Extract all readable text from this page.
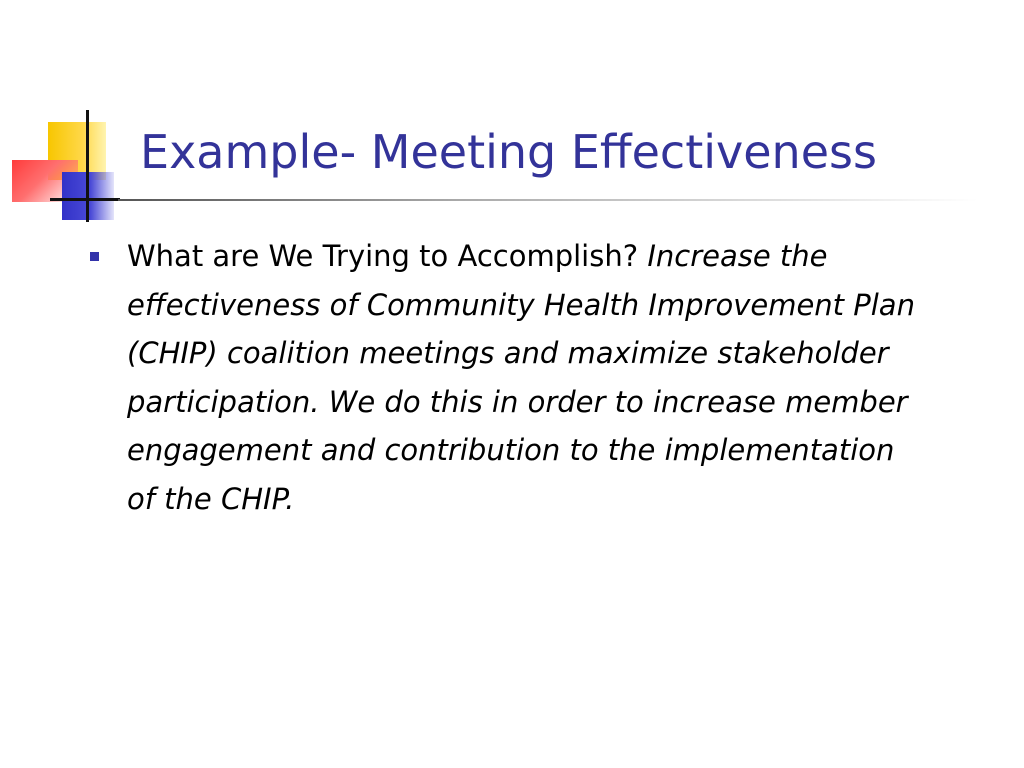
Example- Meeting Effectiveness

What are We Trying to Accomplish? Increase the effectiveness of Community Health Improvement Plan (CHIP) coalition meetings and maximize stakeholder participation. We do this in order to increase member engagement and contribution to the implementation of the CHIP.
